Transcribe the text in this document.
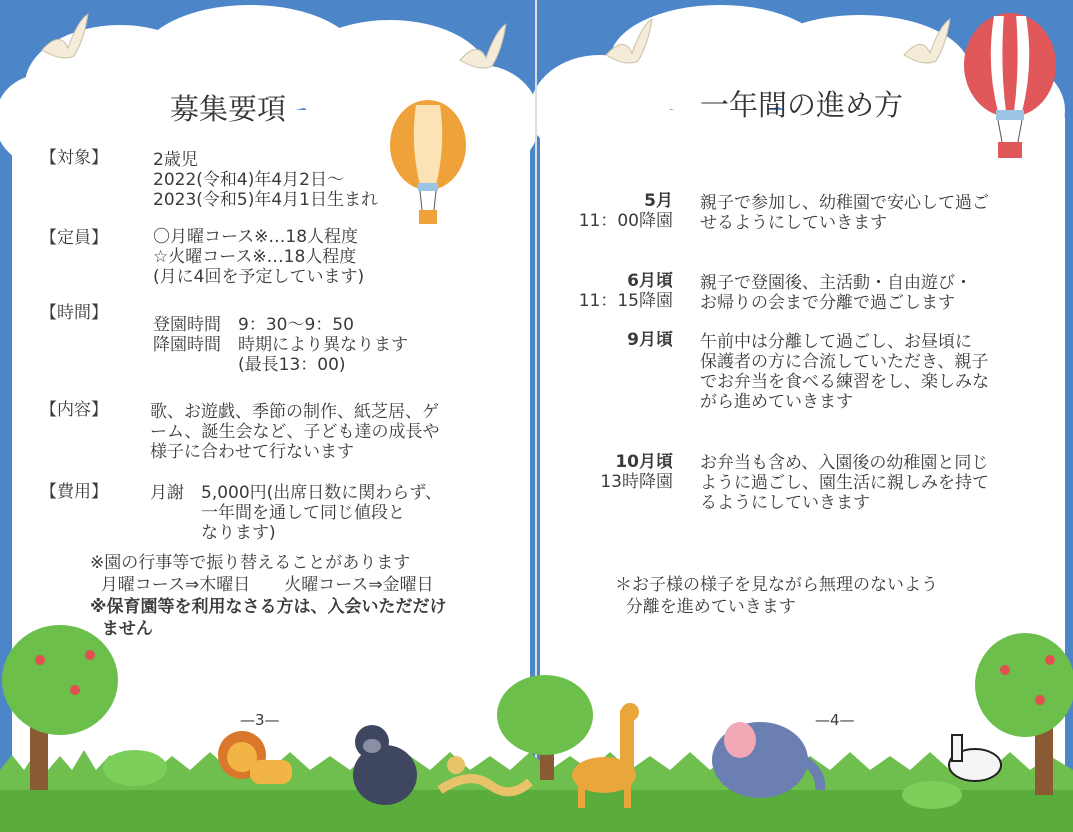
募集要項
【対象】	2歳児
2022(令和4)年4月2日～
2023(令和5)年4月1日生まれ
【定員】	〇月曜コース※…18人程度
☆火曜コース※…18人程度
(月に4回を予定しています)
【時間】
登園時間　9：30～9：50
降園時間　時期により異なります
　　　　　(最長13：00)
【内容】 歌、お遊戯、季節の制作、紙芝居、ゲ
ーム、誕生会など、子ども達の成長や
様子に合わせて行ないます
【費用】 月謝　5,000円(出席日数に関わらず、
　　　一年間を通して同じ値段と
　　　なります)
※園の行事等で振り替えることがあります
月曜コース⇒木曜日　　火曜コース⇒金曜日
※保育園等を利用なさる方は、入会いただだけ
ません
—3—
一年間の進め方
5月
11：00降園
親子で参加し、幼稚園で安心して過ご
せるようにしていきます
6月頃
11：15降園
親子で登園後、主活動・自由遊び・
お帰りの会まで分離で過ごします
9月頃 午前中は分離して過ごし、お昼頃に
保護者の方に合流していただき、親子
でお弁当を食べる練習をし、楽しみな
がら進めていきます
10月頃
13時降園
お弁当も含め、入園後の幼稚園と同じ
ように過ごし、園生活に親しみを持て
るようにしていきます
＊お子様の様子を見ながら無理のないよう
分離を進めていきます
—4—
